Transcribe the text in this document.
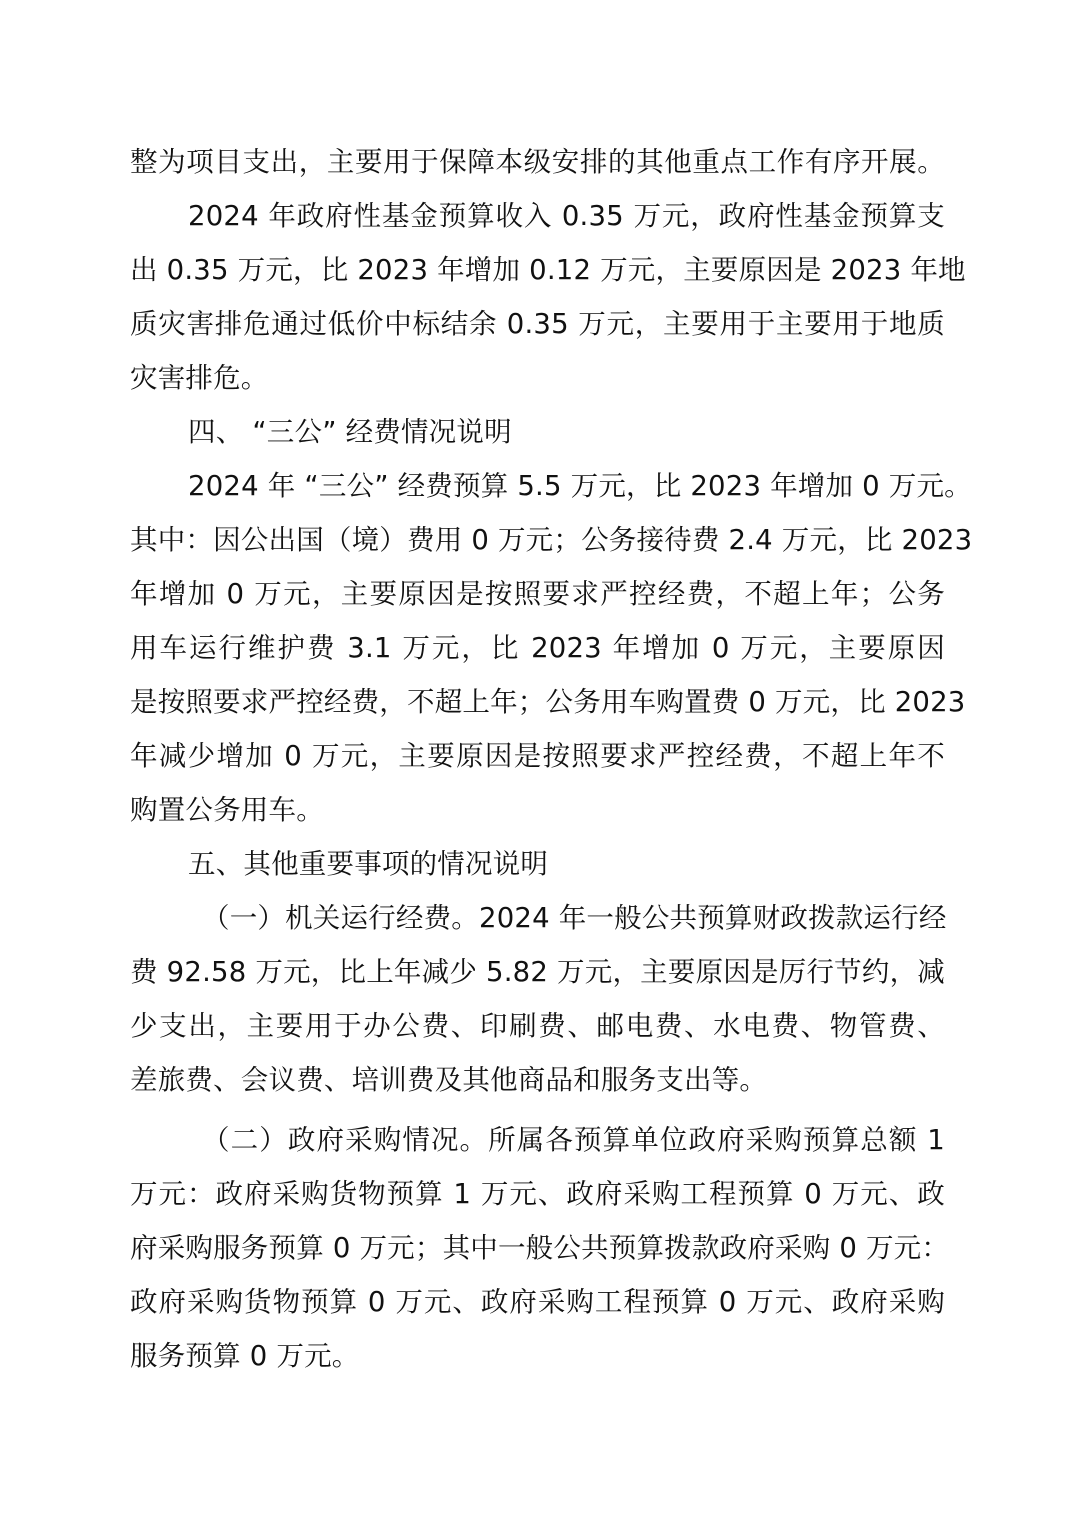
整为项目支出，主要用于保障本级安排的其他重点工作有序开展。
2024 年政府性基金预算收入 0.35 万元，政府性基金预算支
出 0.35 万元，比 2023 年增加 0.12 万元，主要原因是 2023 年地
质灾害排危通过低价中标结余 0.35 万元，主要用于主要用于地质
灾害排危。
四、 “三公” 经费情况说明
2024 年 “三公” 经费预算 5.5 万元，比 2023 年增加 0 万元。
其中：因公出国（境）费用 0 万元；公务接待费 2.4 万元，比 2023
年增加 0 万元，主要原因是按照要求严控经费，不超上年；公务
用车运行维护费 3.1 万元，比 2023 年增加 0 万元，主要原因
是按照要求严控经费，不超上年；公务用车购置费 0 万元，比 2023
年减少增加 0 万元，主要原因是按照要求严控经费，不超上年不
购置公务用车。
五、其他重要事项的情况说明
（一）机关运行经费。2024 年一般公共预算财政拨款运行经
费 92.58 万元，比上年减少 5.82 万元，主要原因是厉行节约，减
少支出，主要用于办公费、印刷费、邮电费、水电费、物管费、
差旅费、会议费、培训费及其他商品和服务支出等。
（二）政府采购情况。所属各预算单位政府采购预算总额 1
万元：政府采购货物预算 1 万元、政府采购工程预算 0 万元、政
府采购服务预算 0 万元；其中一般公共预算拨款政府采购 0 万元：
政府采购货物预算 0 万元、政府采购工程预算 0 万元、政府采购
服务预算 0 万元。
